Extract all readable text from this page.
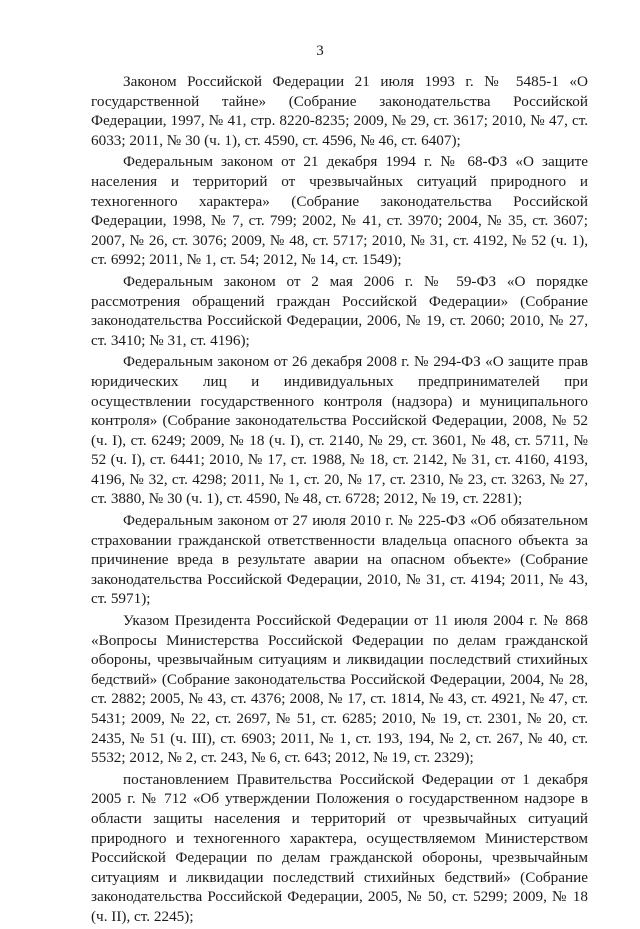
3

Законом Российской Федерации 21 июля 1993 г. № 5485-1 «О государственной тайне» (Собрание законодательства Российской Федерации, 1997, № 41, стр. 8220-8235; 2009, № 29, ст. 3617; 2010, № 47, ст. 6033; 2011, № 30 (ч. 1), ст. 4590, ст. 4596, № 46, ст. 6407);

Федеральным законом от 21 декабря 1994 г. № 68-ФЗ «О защите населения и территорий от чрезвычайных ситуаций природного и техногенного характера» (Собрание законодательства Российской Федерации, 1998, № 7, ст. 799; 2002, № 41, ст. 3970; 2004, № 35, ст. 3607; 2007, № 26, ст. 3076; 2009, № 48, ст. 5717; 2010, № 31, ст. 4192, № 52 (ч. 1), ст. 6992; 2011, № 1, ст. 54; 2012, № 14, ст. 1549);

Федеральным законом от 2 мая 2006 г. № 59-ФЗ «О порядке рассмотрения обращений граждан Российской Федерации» (Собрание законодательства Российской Федерации, 2006, № 19, ст. 2060; 2010, № 27, ст. 3410; № 31, ст. 4196);

Федеральным законом от 26 декабря 2008 г. № 294-ФЗ «О защите прав юридических лиц и индивидуальных предпринимателей при осуществлении государственного контроля (надзора) и муниципального контроля» (Собрание законодательства Российской Федерации, 2008, № 52 (ч. I), ст. 6249; 2009, № 18 (ч. I), ст. 2140, № 29, ст. 3601, № 48, ст. 5711, № 52 (ч. I), ст. 6441; 2010, № 17, ст. 1988, № 18, ст. 2142, № 31, ст. 4160, 4193, 4196, № 32, ст. 4298; 2011, № 1, ст. 20, № 17, ст. 2310, № 23, ст. 3263, № 27, ст. 3880, № 30 (ч. 1), ст. 4590, № 48, ст. 6728; 2012, № 19, ст. 2281);

Федеральным законом от 27 июля 2010 г. № 225-ФЗ «Об обязательном страховании гражданской ответственности владельца опасного объекта за причинение вреда в результате аварии на опасном объекте» (Собрание законодательства Российской Федерации, 2010, № 31, ст. 4194; 2011, № 43, ст. 5971);

Указом Президента Российской Федерации от 11 июля 2004 г. № 868 «Вопросы Министерства Российской Федерации по делам гражданской обороны, чрезвычайным ситуациям и ликвидации последствий стихийных бедствий» (Собрание законодательства Российской Федерации, 2004, № 28, ст. 2882; 2005, № 43, ст. 4376; 2008, № 17, ст. 1814, № 43, ст. 4921, № 47, ст. 5431; 2009, № 22, ст. 2697, № 51, ст. 6285; 2010, № 19, ст. 2301, № 20, ст. 2435, № 51 (ч. III), ст. 6903; 2011, № 1, ст. 193, 194, № 2, ст. 267, № 40, ст. 5532; 2012, № 2, ст. 243, № 6, ст. 643; 2012, № 19, ст. 2329);

постановлением Правительства Российской Федерации от 1 декабря 2005 г. № 712 «Об утверждении Положения о государственном надзоре в области защиты населения и территорий от чрезвычайных ситуаций природного и техногенного характера, осуществляемом Министерством Российской Федерации по делам гражданской обороны, чрезвычайным ситуациям и ликвидации последствий стихийных бедствий» (Собрание законодательства Российской Федерации, 2005, № 50, ст. 5299; 2009, № 18 (ч. II), ст. 2245);
